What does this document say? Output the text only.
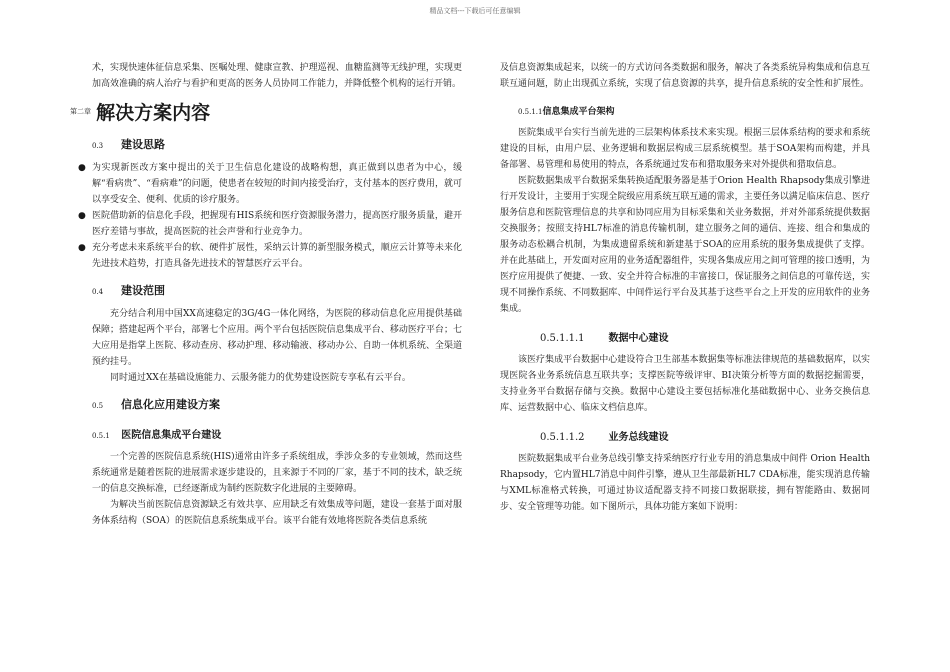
精品文档---下载后可任意编辑

术，实现快速体征信息采集、医嘱处理、健康宣教、护理巡视、血糖监测等无线护理，实现更加高效准确的病人治疗与看护和更高的医务人员协同工作能力，并降低整个机构的运行开销。

第二章 解决方案内容
0.3 建设思路
● 为实现新医改方案中提出的关于卫生信息化建设的战略构想，真正做到以患者为中心，缓解“看病贵”、“看病难”的问题，使患者在较短的时间内接受治疗，支付基本的医疗费用，就可以享受安全、便利、优质的诊疗服务。
● 医院借助新的信息化手段，把握现有HIS系统和医疗资源服务潜力，提高医疗服务质量，避开医疗差错与事故，提高医院的社会声誉和行业竞争力。
● 充分考虑未来系统平台的软、硬件扩展性，采纳云计算的新型服务模式，顺应云计算等未来化先进技术趋势，打造具备先进技术的智慧医疗云平台。
0.4 建设范围

充分结合利用中国XX高速稳定的3G/4G一体化网络，为医院的移动信息化应用提供基础保障；搭建起两个平台，部署七个应用。两个平台包括医院信息集成平台、移动医疗平台；七大应用是指掌上医院、移动查房、移动护理、移动输液、移动办公、自助一体机系统、全渠道预约挂号。

同时通过XX在基础设施能力、云服务能力的优势建设医院专享私有云平台。

0.5 信息化应用建设方案
0.5.1 医院信息集成平台建设

一个完善的医院信息系统(HIS)通常由许多子系统组成，季涉众多的专业领域，然而这些系统通常是随着医院的进展需求逐步建设的，且来源于不同的厂家，基于不同的技术，缺乏统一的信息交换标准，已经逐渐成为制约医院数字化进展的主要障碍。

为解决当前医院信息资源缺乏有效共享、应用缺乏有效集成等问题，建设一套基于面对服务体系结构（SOA）的医院信息系统集成平台。该平台能有效地将医院各类信息系统

及信息资源集成起来，以统一的方式访问各类数据和服务，解决了各类系统异构集成和信息互联互通问题，防止出现孤立系统，实现了信息资源的共享，提升信息系统的安全性和扩展性。

0.5.1.1信息集成平台架构

医院集成平台实行当前先进的三层架构体系技术来实现。根据三层体系结构的要求和系统建设的目标，由用户层、业务逻辑和数据层构成三层系统模型。基于SOA架构而构建，并具备部署、易管理和易使用的特点，各系统通过发布和猎取服务来对外提供和猎取信息。

医院数据集成平台数据采集转换适配服务器是基于Orion Health Rhapsody集成引擎进行开发设计，主要用于实现全院级应用系统互联互通的需求，主要任务以满足临床信息、医疗服务信息和医院管理信息的共享和协同应用为目标采集和关业务数据，并对外部系统提供数据交换服务；按照支持HL7标准的消息传输机制，建立服务之间的通信、连接、组合和集成的服务动态松耦合机制，为集成遗留系统和新建基于SOA的应用系统的服务集成提供了支撑。并在此基础上，开发面对应用的业务适配器组件，实现各集成应用之间可管理的接口透明，为医疗应用提供了便捷、一致、安全并符合标准的丰富接口，保证服务之间信息的可靠传送，实现不同操作系统、不同数据库、中间件运行平台及其基于这些平台之上开发的应用软件的业务集成。

0.5.1.1.1 数据中心建设

该医疗集成平台数据中心建设符合卫生部基本数据集等标准法律规范的基础数据库，以实现医院各业务系统信息互联共享；支撑医院等级评审、BI决策分析等方面的数据挖掘需要，支持业务平台数据存储与交换。数据中心建设主要包括标准化基础数据中心、业务交换信息库、运营数据中心、临床文档信息库。

0.5.1.1.2 业务总线建设

医院数据集成平台业务总线引擎支持采纳医疗行业专用的消息集成中间件 Orion Health Rhapsody，它内置HL7消息中间件引擎，遵从卫生部最新HL7 CDA标准，能实现消息传输与XML标准格式转换，可通过协议适配器支持不同接口数据联接，拥有智能路由、数据同步、安全管理等功能。如下图所示，具体功能方案如下说明：
